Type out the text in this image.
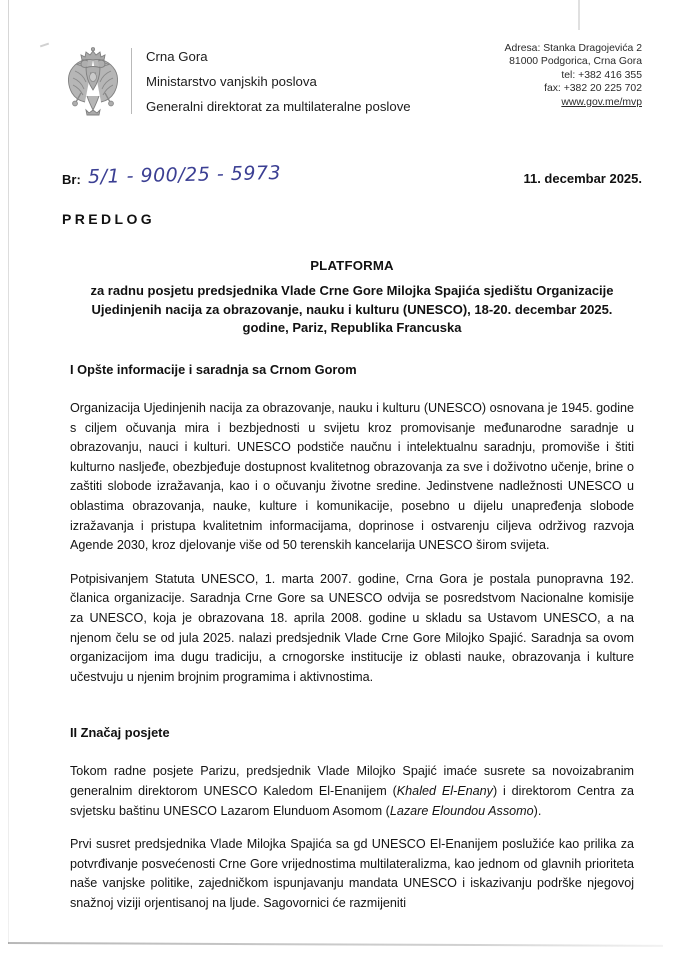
Crna Gora
Ministarstvo vanjskih poslova
Generalni direktorat za multilateralne poslove
Adresa: Stanka Dragojevića 2
81000 Podgorica, Crna Gora
tel: +382 416 355
fax: +382 20 225 702
www.gov.me/mvp
Br: 5/1 - 900/25 - 5973	11. decembar 2025.
PREDLOG
PLATFORMA
za radnu posjetu predsjednika Vlade Crne Gore Milojka Spajića sjedištu Organizacije Ujedinjenih nacija za obrazovanje, nauku i kulturu (UNESCO), 18-20. decembar 2025. godine, Pariz, Republika Francuska
I Opšte informacije i saradnja sa Crnom Gorom

Organizacija Ujedinjenih nacija za obrazovanje, nauku i kulturu (UNESCO) osnovana je 1945. godine s ciljem očuvanja mira i bezbjednosti u svijetu kroz promovisanje međunarodne saradnje u obrazovanju, nauci i kulturi. UNESCO podstiče naučnu i intelektualnu saradnju, promoviše i štiti kulturno nasljeđe, obezbjeđuje dostupnost kvalitetnog obrazovanja za sve i doživotno učenje, brine o zaštiti slobode izražavanja, kao i o očuvanju životne sredine. Jedinstvene nadležnosti UNESCO u oblastima obrazovanja, nauke, kulture i komunikacije, posebno u dijelu unapređenja slobode izražavanja i pristupa kvalitetnim informacijama, doprinose i ostvarenju ciljeva održivog razvoja Agende 2030, kroz djelovanje više od 50 terenskih kancelarija UNESCO širom svijeta.

Potpisivanjem Statuta UNESCO, 1. marta 2007. godine, Crna Gora je postala punopravna 192. članica organizacije. Saradnja Crne Gore sa UNESCO odvija se posredstvom Nacionalne komisije za UNESCO, koja je obrazovana 18. aprila 2008. godine u skladu sa Ustavom UNESCO, a na njenom čelu se od jula 2025. nalazi predsjednik Vlade Crne Gore Milojko Spajić. Saradnja sa ovom organizacijom ima dugu tradiciju, a crnogorske institucije iz oblasti nauke, obrazovanja i kulture učestvuju u njenim brojnim programima i aktivnostima.

II Značaj posjete

Tokom radne posjete Parizu, predsjednik Vlade Milojko Spajić imaće susrete sa novoizabranim generalnim direktorom UNESCO Kaledom El-Enanijem (Khaled El-Enany) i direktorom Centra za svjetsku baštinu UNESCO Lazarom Elunduom Asomom (Lazare Eloundou Assomo).

Prvi susret predsjednika Vlade Milojka Spajića sa gd UNESCO El-Enanijem poslužiće kao prilika za potvrđivanje posvećenosti Crne Gore vrijednostima multilateralizma, kao jednom od glavnih prioriteta naše vanjske politike, zajedničkom ispunjavanju mandata UNESCO i iskazivanju podrške njegovoj snažnoj viziji orjentisanoj na ljude. Sagovornici će razmijeniti
